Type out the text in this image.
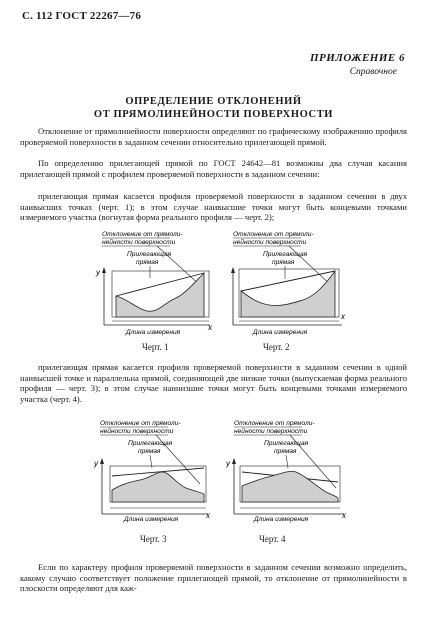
С. 112 ГОСТ 22267—76
ПРИЛОЖЕНИЕ 6
Справочное
ОПРЕДЕЛЕНИЕ ОТКЛОНЕНИЙ
ОТ ПРЯМОЛИНЕЙНОСТИ ПОВЕРХНОСТИ

Отклонение от прямолинейности поверхности определяют по графическому изображению профиля проверяемой поверхности в заданном сечении относительно прилегающей прямой.

По определению прилегающей прямой по ГОСТ 24642—81 возможны два случая касания прилегающей прямой с профилем проверяемой поверхности в заданном сечении:

прилегающая прямая касается профиля проверяемой поверхности в заданном сечении в двух наивысших точках (черт. 1); в этом случае наивысшие точки могут быть концевыми точками измеряемого участка (вогнутая форма реального профиля — черт. 2);

Отклонение от прямоли-
нейности поверхности
Прилегающая
прямая
y
Длина измерения
x
Черт. 1
Отклонение от прямоли-
нейности поверхности
Прилегающая
прямая
Длина измерения
x
Черт. 2

прилегающая прямая касается профиля проверяемой поверхности в заданном сечении в одной наивысшей точке и параллельна прямой, соединяющей две низкие точки (выпускаемая форма реального профиля — черт. 3); в этом случае наинизшие точки могут быть концевыми точками измеряемого участка (черт. 4).

Отклонение от прямоли-
нейности поверхности
Прилегающая
прямая
y
Длина измерения	x
Черт. 3
Отклонение от прямоли-
нейности поверхности
Прилегающая
прямая
y
Длина измерения	x
Черт. 4

Если по характеру профиля проверяемой поверхности в заданном сечении возможно определить, какому случаю соответствует положение прилегающей прямой, то отклонение от прямолинейности в плоскости определяют для каж-
